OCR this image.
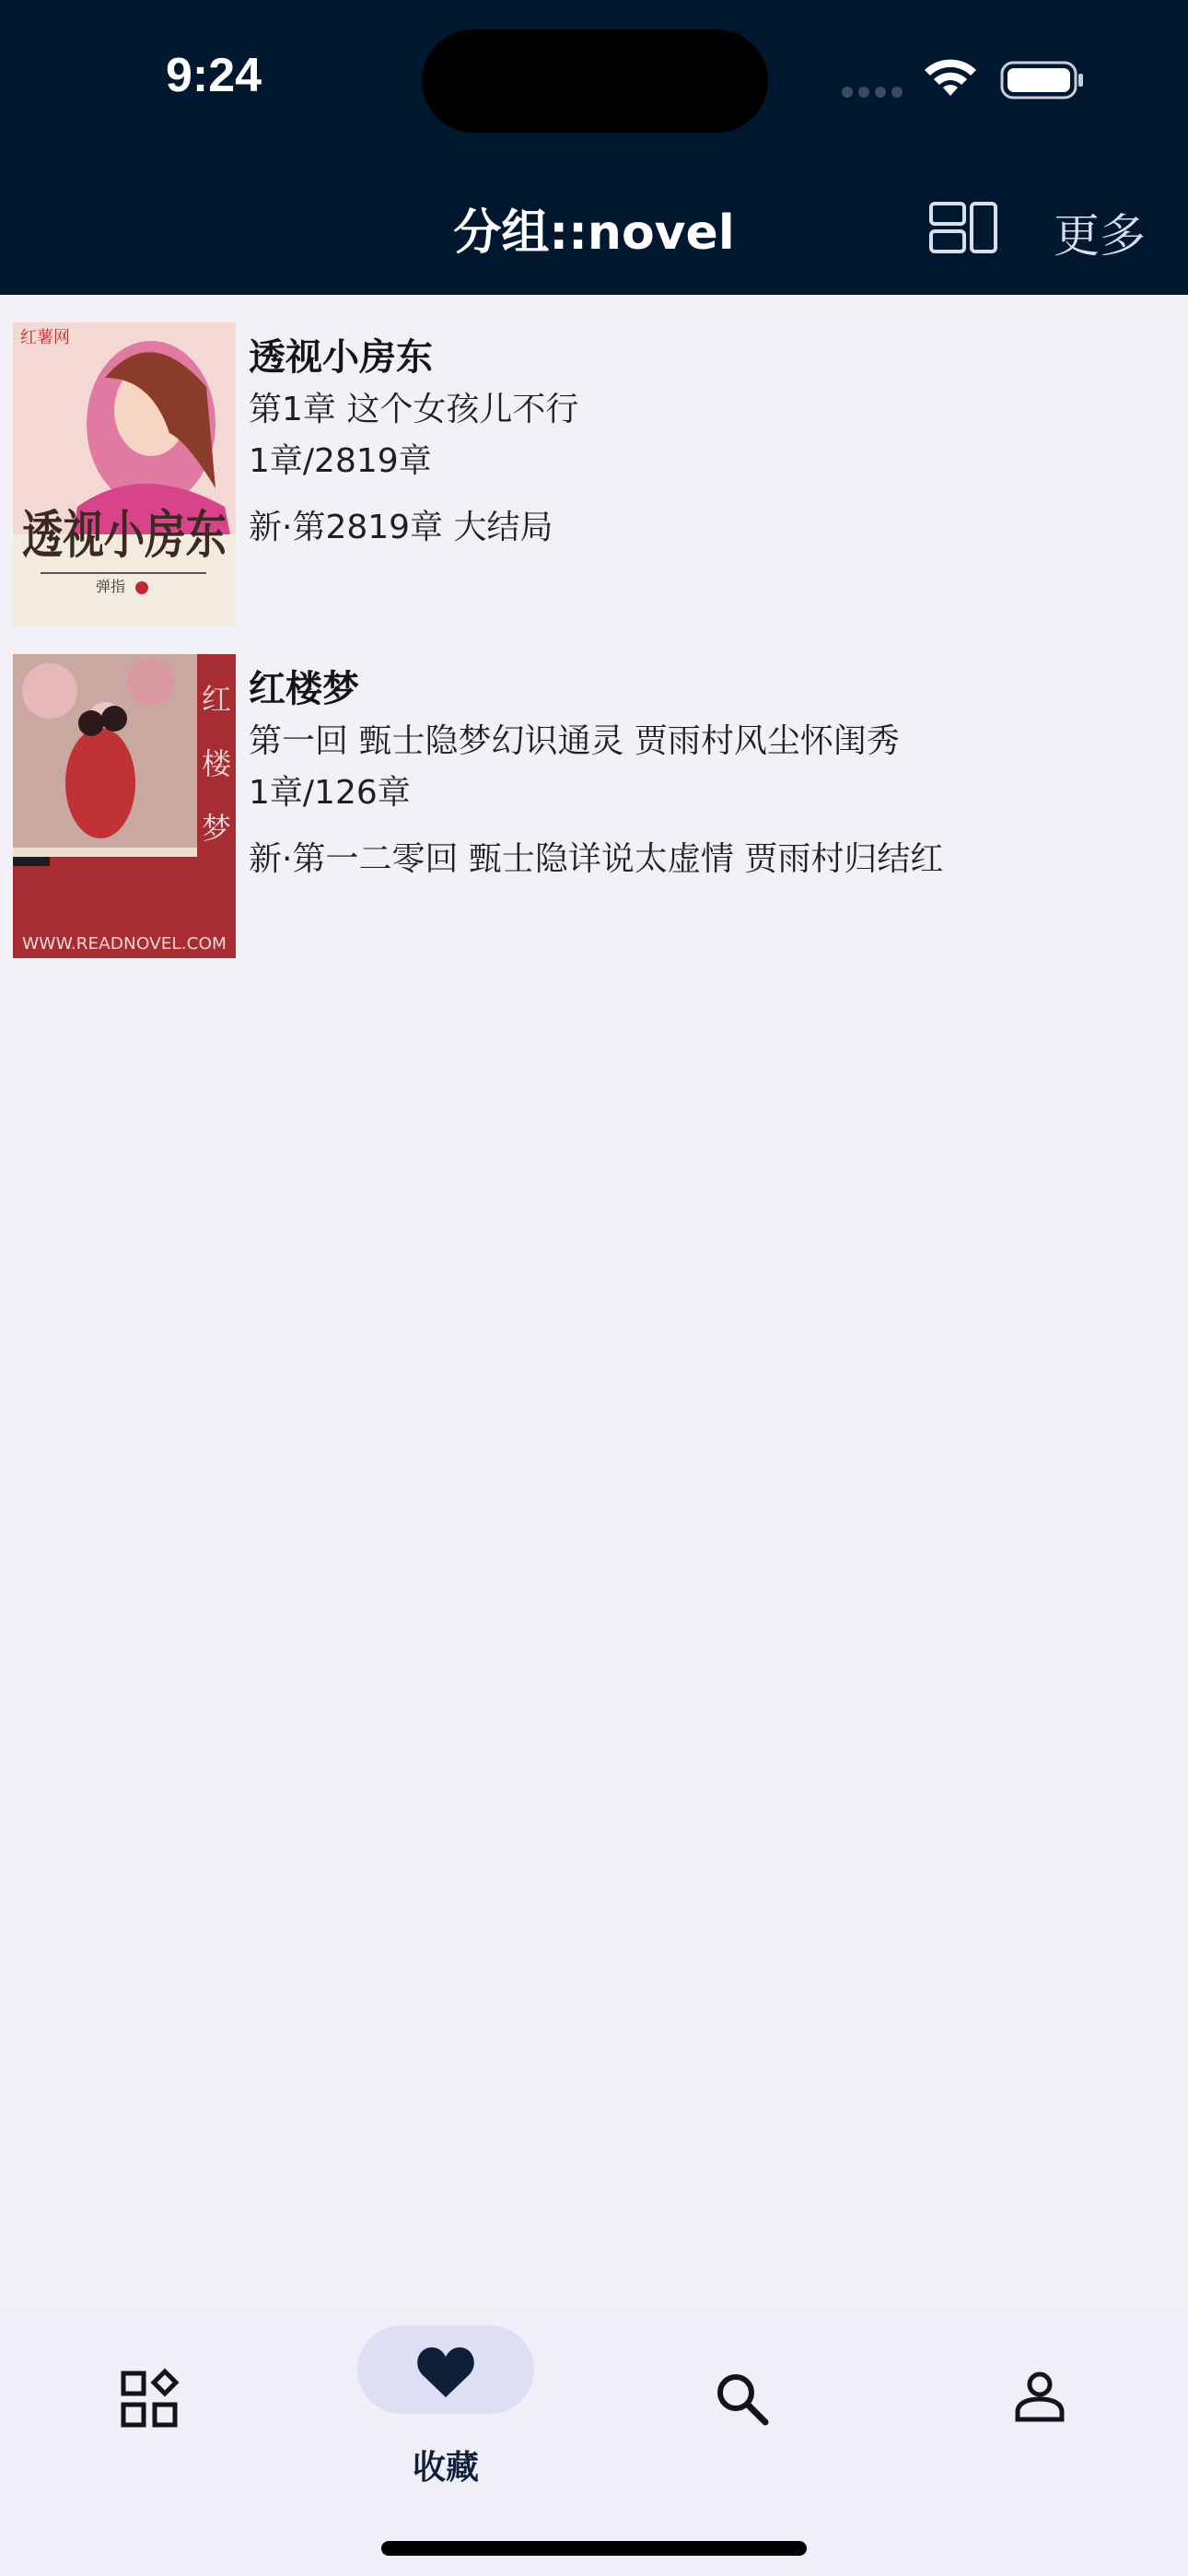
9:24
分组::novel	更多
红薯网
透视小房东
弹指
透视小房东
第1章 这个女孩儿不行
1章/2819章
新·第2819章 大结局
红
楼
梦
WWW.READNOVEL.COM
红楼梦
第一回 甄士隐梦幻识通灵 贾雨村风尘怀闺秀
1章/126章
新·第一二零回 甄士隐详说太虚情 贾雨村归结红
收藏
